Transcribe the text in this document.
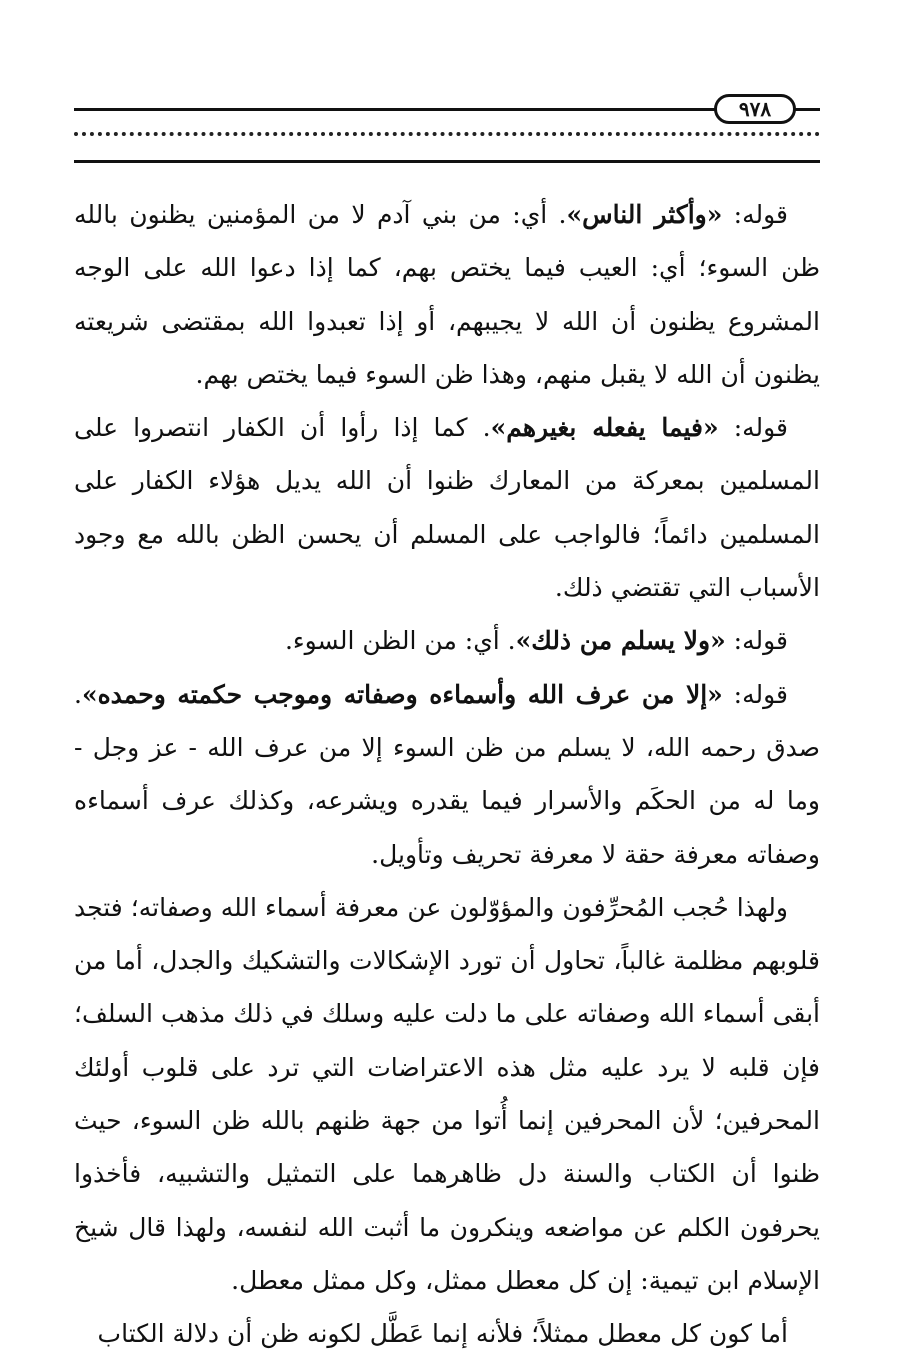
٩٧٨

قوله: «وأكثر الناس». أي: من بني آدم لا من المؤمنين يظنون بالله ظن السوء؛ أي: العيب فيما يختص بهم، كما إذا دعوا الله على الوجه المشروع يظنون أن الله لا يجيبهم، أو إذا تعبدوا الله بمقتضى شريعته يظنون أن الله لا يقبل منهم، وهذا ظن السوء فيما يختص بهم.

قوله: «فيما يفعله بغيرهم». كما إذا رأوا أن الكفار انتصروا على المسلمين بمعركة من المعارك ظنوا أن الله يديل هؤلاء الكفار على المسلمين دائماً؛ فالواجب على المسلم أن يحسن الظن بالله مع وجود الأسباب التي تقتضي ذلك.

قوله: «ولا يسلم من ذلك». أي: من الظن السوء.

قوله: «إلا من عرف الله وأسماءه وصفاته وموجب حكمته وحمده». صدق رحمه الله، لا يسلم من ظن السوء إلا من عرف الله - عز وجل - وما له من الحكَم والأسرار فيما يقدره ويشرعه، وكذلك عرف أسماءه وصفاته معرفة حقة لا معرفة تحريف وتأويل.

ولهذا حُجب المُحرِّفون والمؤوّلون عن معرفة أسماء الله وصفاته؛ فتجد قلوبهم مظلمة غالباً، تحاول أن تورد الإشكالات والتشكيك والجدل، أما من أبقى أسماء الله وصفاته على ما دلت عليه وسلك في ذلك مذهب السلف؛ فإن قلبه لا يرد عليه مثل هذه الاعتراضات التي ترد على قلوب أولئك المحرفين؛ لأن المحرفين إنما أُتوا من جهة ظنهم بالله ظن السوء، حيث ظنوا أن الكتاب والسنة دل ظاهرهما على التمثيل والتشبيه، فأخذوا يحرفون الكلم عن مواضعه وينكرون ما أثبت الله لنفسه، ولهذا قال شيخ الإسلام ابن تيمية: إن كل معطل ممثل، وكل ممثل معطل.

أما كون كل معطل ممثلاً؛ فلأنه إنما عَطَّل لكونه ظن أن دلالة الكتاب
